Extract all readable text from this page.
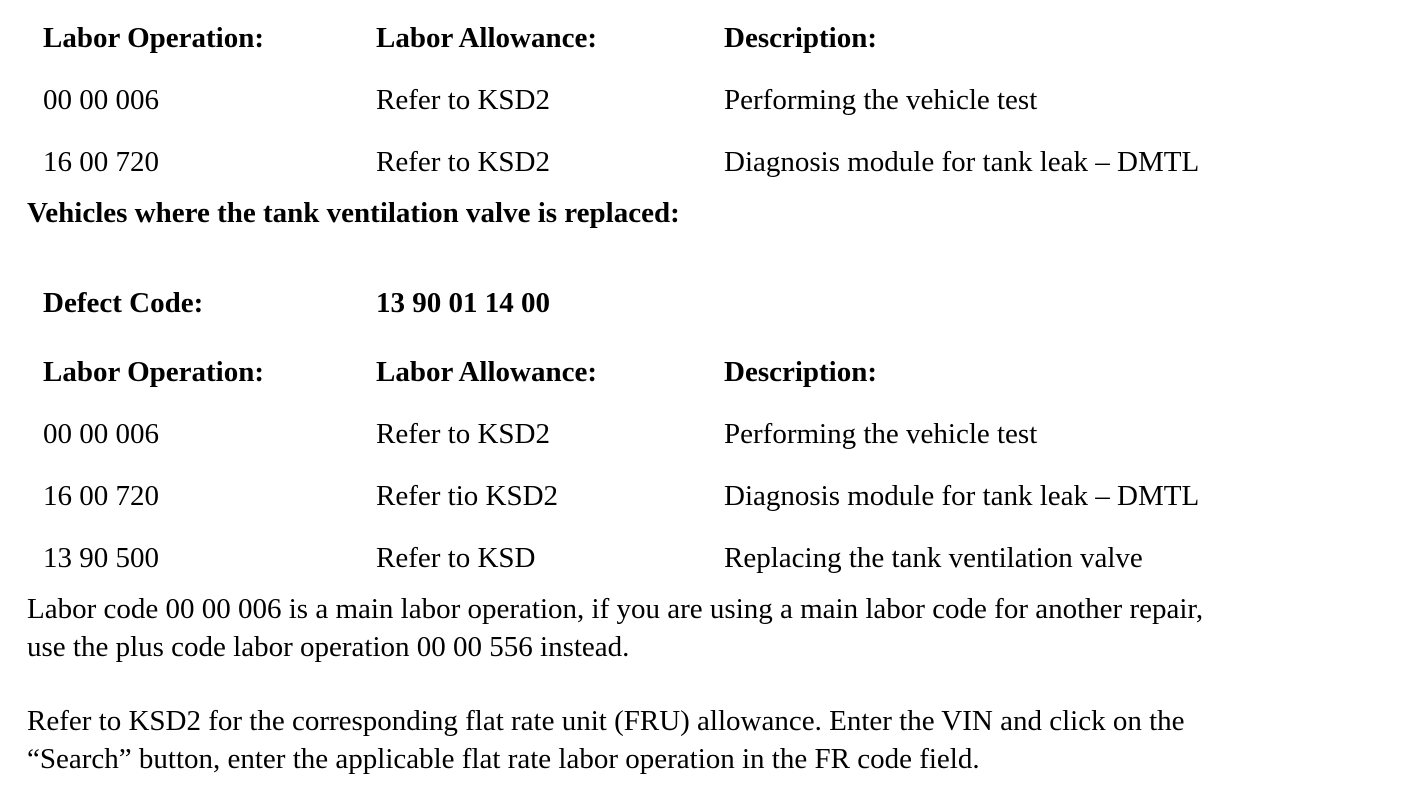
Labor Operation:	Labor Allowance:	Description:
00 00 006	Refer to KSD2	Performing the vehicle test
16 00 720	Refer to KSD2	Diagnosis module for tank leak – DMTL
Vehicles where the tank ventilation valve is replaced:
Defect Code:	13 90 01 14 00
Labor Operation:	Labor Allowance:	Description:
00 00 006	Refer to KSD2	Performing the vehicle test
16 00 720	Refer tio KSD2	Diagnosis module for tank leak – DMTL
13 90 500	Refer to KSD	Replacing the tank ventilation valve
Labor code 00 00 006 is a main labor operation, if you are using a main labor code for another repair,
use the plus code labor operation 00 00 556 instead.
Refer to KSD2 for the corresponding flat rate unit (FRU) allowance. Enter the VIN and click on the
“Search” button, enter the applicable flat rate labor operation in the FR code field.
